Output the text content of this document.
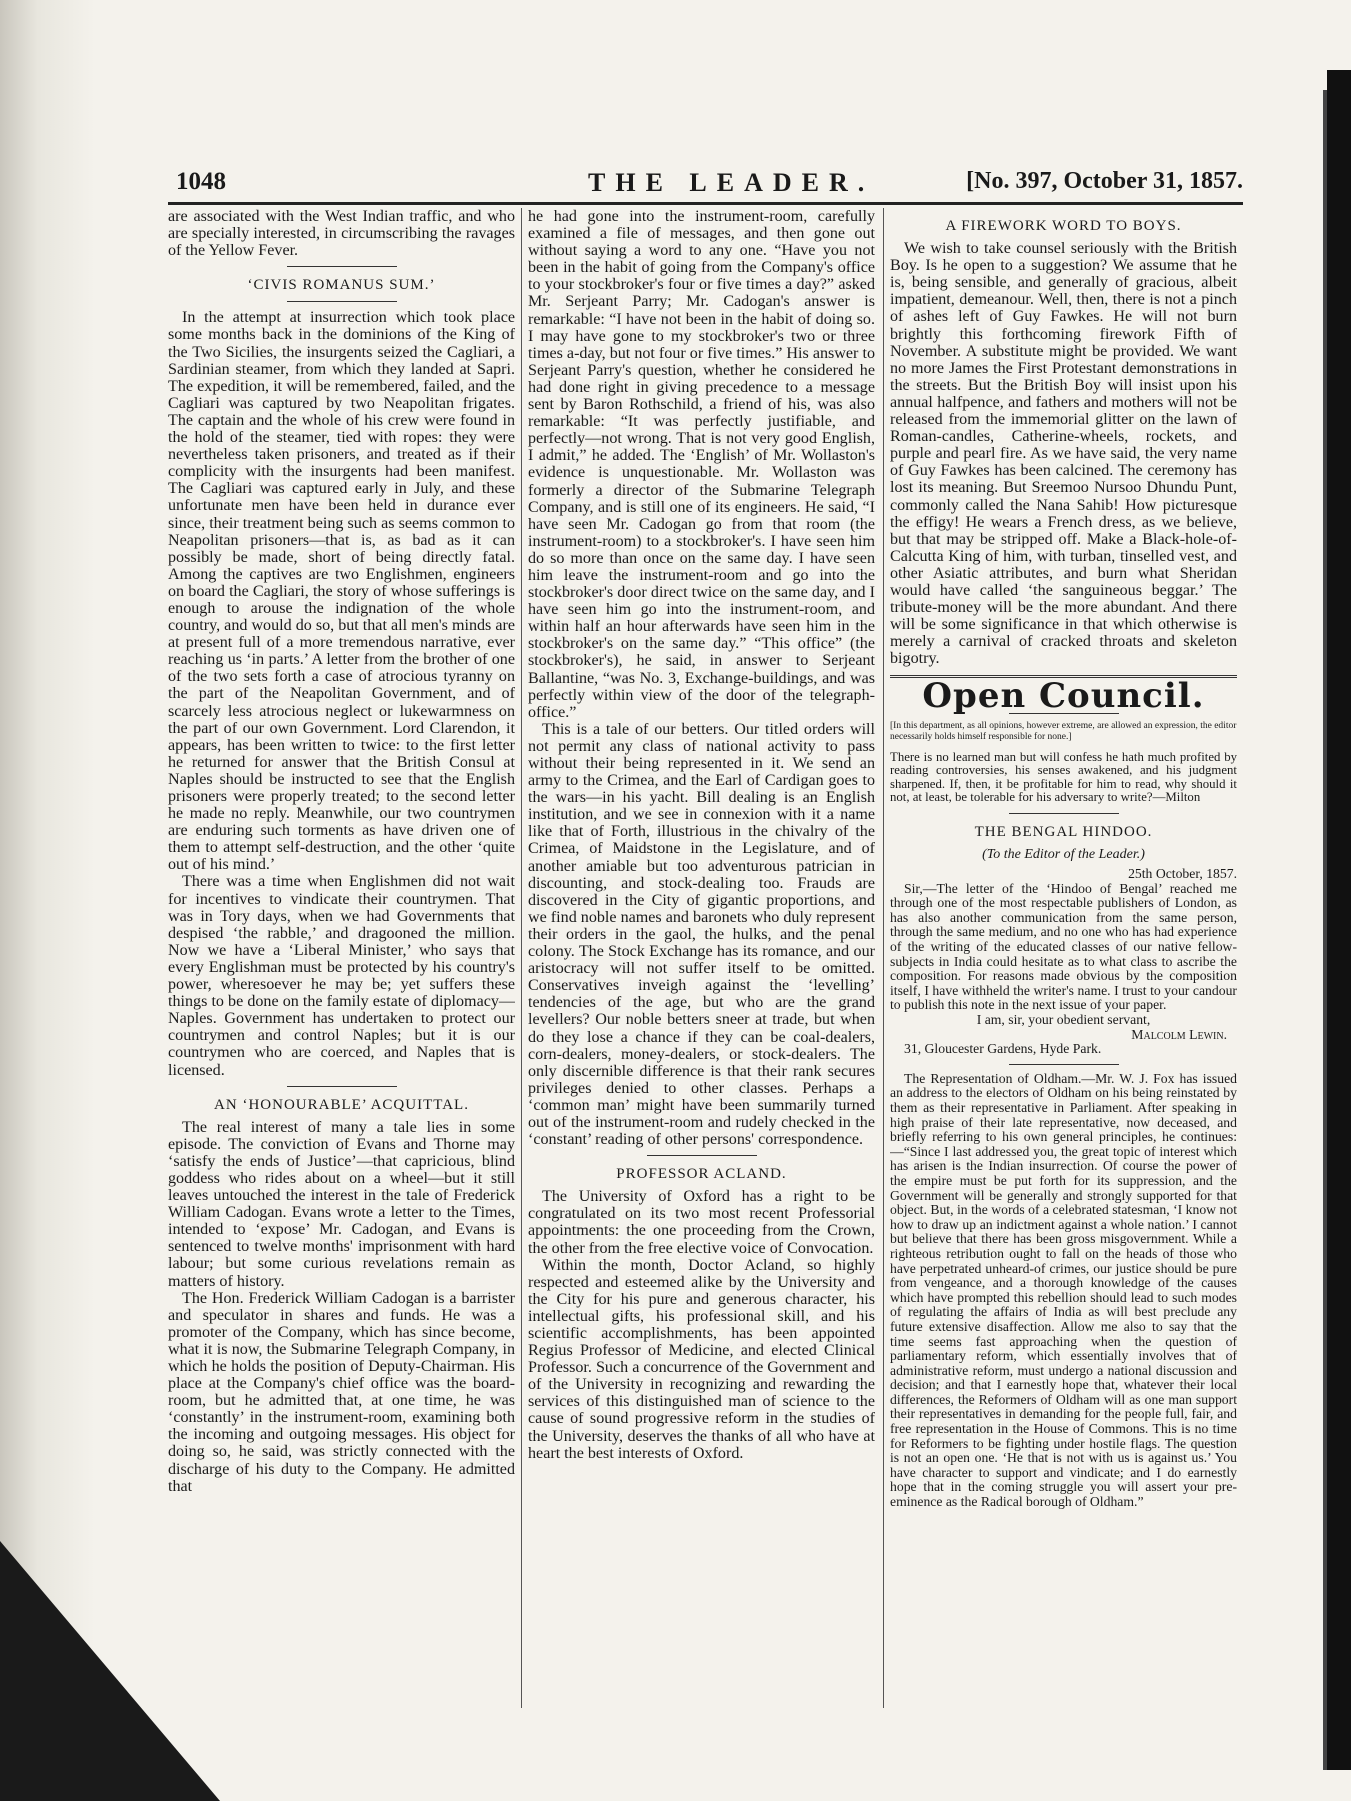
1048	THE LEADER.	[No. 397, October 31, 1857.

are associated with the West Indian traffic, and who are specially interested, in circumscribing the ravages of the Yellow Fever.

‘CIVIS ROMANUS SUM.’

In the attempt at insurrection which took place some months back in the dominions of the King of the Two Sicilies, the insurgents seized the Cagliari, a Sardinian steamer, from which they landed at Sapri. The expedition, it will be remembered, failed, and the Cagliari was captured by two Neapolitan frigates. The captain and the whole of his crew were found in the hold of the steamer, tied with ropes: they were nevertheless taken prisoners, and treated as if their complicity with the insurgents had been manifest. The Cagliari was captured early in July, and these unfortunate men have been held in durance ever since, their treatment being such as seems common to Neapolitan prisoners—that is, as bad as it can possibly be made, short of being directly fatal. Among the captives are two Englishmen, engineers on board the Cagliari, the story of whose sufferings is enough to arouse the indignation of the whole country, and would do so, but that all men's minds are at present full of a more tremendous narrative, ever reaching us ‘in parts.’ A letter from the brother of one of the two sets forth a case of atrocious tyranny on the part of the Neapolitan Government, and of scarcely less atrocious neglect or lukewarmness on the part of our own Government. Lord Clarendon, it appears, has been written to twice: to the first letter he returned for answer that the British Consul at Naples should be instructed to see that the English prisoners were properly treated; to the second letter he made no reply. Meanwhile, our two countrymen are enduring such torments as have driven one of them to attempt self-destruction, and the other ‘quite out of his mind.’

There was a time when Englishmen did not wait for incentives to vindicate their countrymen. That was in Tory days, when we had Governments that despised ‘the rabble,’ and dragooned the million. Now we have a ‘Liberal Minister,’ who says that every Englishman must be protected by his country's power, wheresoever he may be; yet suffers these things to be done on the family estate of diplomacy—Naples. Government has undertaken to protect our countrymen and control Naples; but it is our countrymen who are coerced, and Naples that is licensed.

AN ‘HONOURABLE’ ACQUITTAL.

The real interest of many a tale lies in some episode. The conviction of Evans and Thorne may ‘satisfy the ends of Justice’—that capricious, blind goddess who rides about on a wheel—but it still leaves untouched the interest in the tale of Frederick William Cadogan. Evans wrote a letter to the Times, intended to ‘expose’ Mr. Cadogan, and Evans is sentenced to twelve months' imprisonment with hard labour; but some curious revelations remain as matters of history.

The Hon. Frederick William Cadogan is a barrister and speculator in shares and funds. He was a promoter of the Company, which has since become, what it is now, the Submarine Telegraph Company, in which he holds the position of Deputy-Chairman. His place at the Company's chief office was the board-room, but he admitted that, at one time, he was ‘constantly’ in the instrument-room, examining both the incoming and outgoing messages. His object for doing so, he said, was strictly connected with the discharge of his duty to the Company. He admitted that

he had gone into the instrument-room, carefully examined a file of messages, and then gone out without saying a word to any one. “Have you not been in the habit of going from the Company's office to your stockbroker's four or five times a day?” asked Mr. Serjeant Parry; Mr. Cadogan's answer is remarkable: “I have not been in the habit of doing so. I may have gone to my stockbroker's two or three times a-day, but not four or five times.” His answer to Serjeant Parry's question, whether he considered he had done right in giving precedence to a message sent by Baron Rothschild, a friend of his, was also remarkable: “It was perfectly justifiable, and perfectly—not wrong. That is not very good English, I admit,” he added. The ‘English’ of Mr. Wollaston's evidence is unquestionable. Mr. Wollaston was formerly a director of the Submarine Telegraph Company, and is still one of its engineers. He said, “I have seen Mr. Cadogan go from that room (the instrument-room) to a stockbroker's. I have seen him do so more than once on the same day. I have seen him leave the instrument-room and go into the stockbroker's door direct twice on the same day, and I have seen him go into the instrument-room, and within half an hour afterwards have seen him in the stockbroker's on the same day.” “This office” (the stockbroker's), he said, in answer to Serjeant Ballantine, “was No. 3, Exchange-buildings, and was perfectly within view of the door of the telegraph-office.”

This is a tale of our betters. Our titled orders will not permit any class of national activity to pass without their being represented in it. We send an army to the Crimea, and the Earl of Cardigan goes to the wars—in his yacht. Bill dealing is an English institution, and we see in connexion with it a name like that of Forth, illustrious in the chivalry of the Crimea, of Maidstone in the Legislature, and of another amiable but too adventurous patrician in discounting, and stock-dealing too. Frauds are discovered in the City of gigantic proportions, and we find noble names and baronets who duly represent their orders in the gaol, the hulks, and the penal colony. The Stock Exchange has its romance, and our aristocracy will not suffer itself to be omitted. Conservatives inveigh against the ‘levelling’ tendencies of the age, but who are the grand levellers? Our noble betters sneer at trade, but when do they lose a chance if they can be coal-dealers, corn-dealers, money-dealers, or stock-dealers. The only discernible difference is that their rank secures privileges denied to other classes. Perhaps a ‘common man’ might have been summarily turned out of the instrument-room and rudely checked in the ‘constant’ reading of other persons' correspondence.

PROFESSOR ACLAND.

The University of Oxford has a right to be congratulated on its two most recent Professorial appointments: the one proceeding from the Crown, the other from the free elective voice of Convocation.

Within the month, Doctor Acland, so highly respected and esteemed alike by the University and the City for his pure and generous character, his intellectual gifts, his professional skill, and his scientific accomplishments, has been appointed Regius Professor of Medicine, and elected Clinical Professor. Such a concurrence of the Government and of the University in recognizing and rewarding the services of this distinguished man of science to the cause of sound progressive reform in the studies of the University, deserves the thanks of all who have at heart the best interests of Oxford.

A FIREWORK WORD TO BOYS.

We wish to take counsel seriously with the British Boy. Is he open to a suggestion? We assume that he is, being sensible, and generally of gracious, albeit impatient, demeanour. Well, then, there is not a pinch of ashes left of Guy Fawkes. He will not burn brightly this forthcoming firework Fifth of November. A substitute might be provided. We want no more James the First Protestant demonstrations in the streets. But the British Boy will insist upon his annual halfpence, and fathers and mothers will not be released from the immemorial glitter on the lawn of Roman-candles, Catherine-wheels, rockets, and purple and pearl fire. As we have said, the very name of Guy Fawkes has been calcined. The ceremony has lost its meaning. But Sreemoo Nursoo Dhundu Punt, commonly called the Nana Sahib! How picturesque the effigy! He wears a French dress, as we believe, but that may be stripped off. Make a Black-hole-of-Calcutta King of him, with turban, tinselled vest, and other Asiatic attributes, and burn what Sheridan would have called ‘the sanguineous beggar.’ The tribute-money will be the more abundant. And there will be some significance in that which otherwise is merely a carnival of cracked throats and skeleton bigotry.

Open Council.
[In this department, as all opinions, however extreme, are allowed an expression, the editor necessarily holds himself responsible for none.]
There is no learned man but will confess he hath much profited by reading controversies, his senses awakened, and his judgment sharpened. If, then, it be profitable for him to read, why should it not, at least, be tolerable for his adversary to write?—Milton
THE BENGAL HINDOO.
(To the Editor of the Leader.)
25th October, 1857.

Sir,—The letter of the ‘Hindoo of Bengal’ reached me through one of the most respectable publishers of London, as has also another communication from the same person, through the same medium, and no one who has had experience of the writing of the educated classes of our native fellow-subjects in India could hesitate as to what class to ascribe the composition. For reasons made obvious by the composition itself, I have withheld the writer's name. I trust to your candour to publish this note in the next issue of your paper.

I am, sir, your obedient servant,
Malcolm Lewin.
31, Gloucester Gardens, Hyde Park.

The Representation of Oldham.—Mr. W. J. Fox has issued an address to the electors of Oldham on his being reinstated by them as their representative in Parliament. After speaking in high praise of their late representative, now deceased, and briefly referring to his own general principles, he continues:—“Since I last addressed you, the great topic of interest which has arisen is the Indian insurrection. Of course the power of the empire must be put forth for its suppression, and the Government will be generally and strongly supported for that object. But, in the words of a celebrated statesman, ‘I know not how to draw up an indictment against a whole nation.’ I cannot but believe that there has been gross misgovernment. While a righteous retribution ought to fall on the heads of those who have perpetrated unheard-of crimes, our justice should be pure from vengeance, and a thorough knowledge of the causes which have prompted this rebellion should lead to such modes of regulating the affairs of India as will best preclude any future extensive disaffection. Allow me also to say that the time seems fast approaching when the question of parliamentary reform, which essentially involves that of administrative reform, must undergo a national discussion and decision; and that I earnestly hope that, whatever their local differences, the Reformers of Oldham will as one man support their representatives in demanding for the people full, fair, and free representation in the House of Commons. This is no time for Reformers to be fighting under hostile flags. The question is not an open one. ‘He that is not with us is against us.’ You have character to support and vindicate; and I do earnestly hope that in the coming struggle you will assert your pre-eminence as the Radical borough of Oldham.”
